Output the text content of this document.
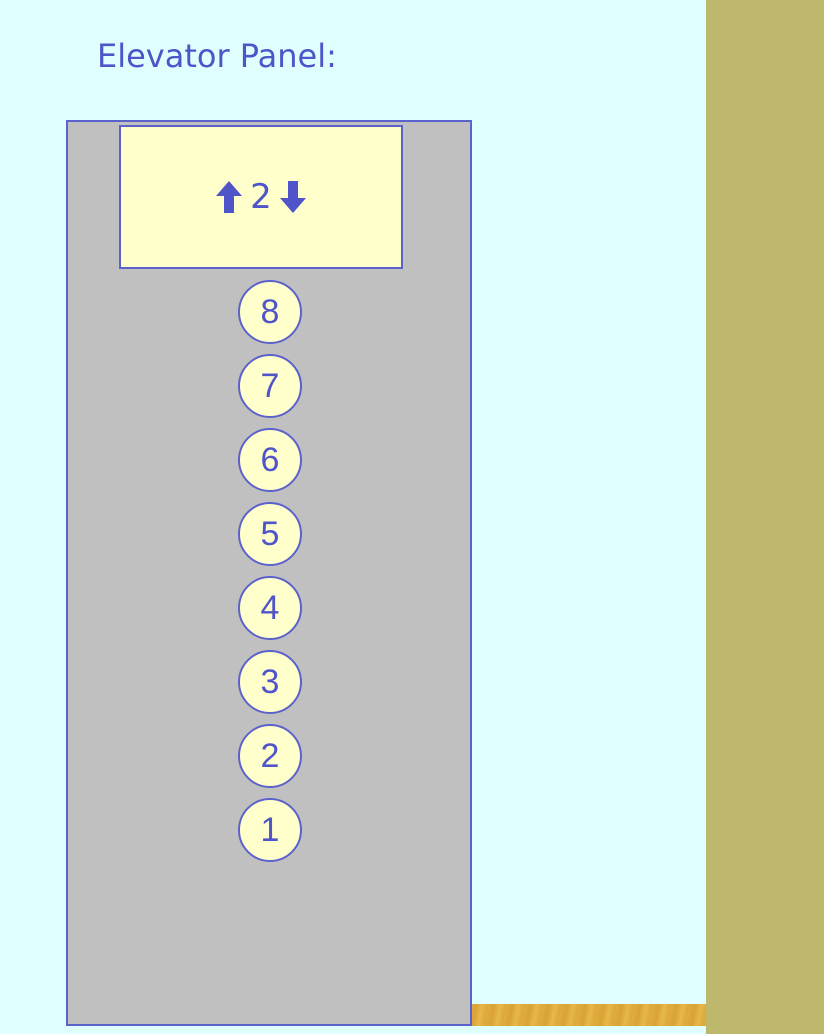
Elevator Panel:
2
8
7
6
5
4
3
2
1
